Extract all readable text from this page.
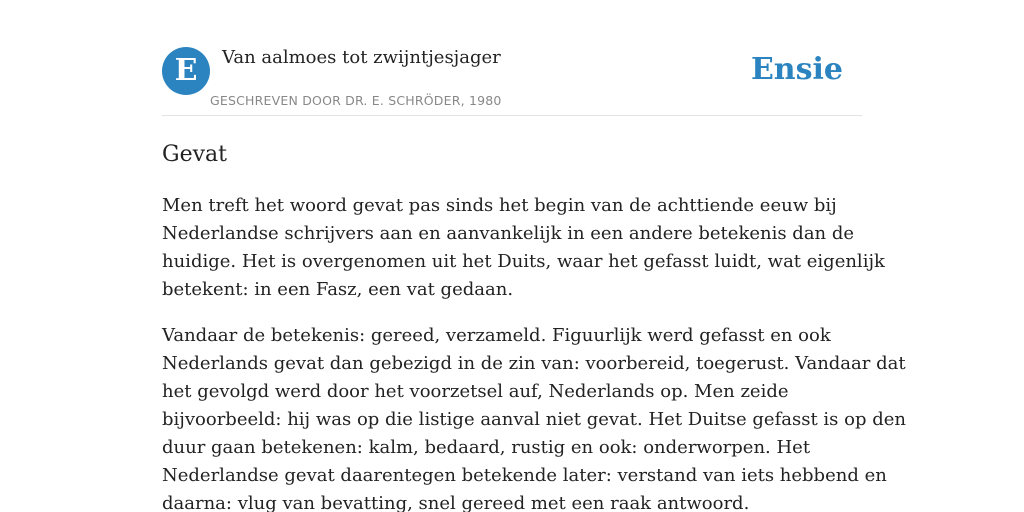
E	Van aalmoes tot zwijntjesjager
GESCHREVEN DOOR DR. E. SCHRÖDER, 1980
Ensie
Gevat

Men treft het woord gevat pas sinds het begin van de achttiende eeuw bij
Nederlandse schrijvers aan en aanvankelijk in een andere betekenis dan de
huidige. Het is overgenomen uit het Duits, waar het gefasst luidt, wat eigenlijk
betekent: in een Fasz, een vat gedaan.

Vandaar de betekenis: gereed, verzameld. Figuurlijk werd gefasst en ook
Nederlands gevat dan gebezigd in de zin van: voorbereid, toegerust. Vandaar dat
het gevolgd werd door het voorzetsel auf, Nederlands op. Men zeide
bijvoorbeeld: hij was op die listige aanval niet gevat. Het Duitse gefasst is op den
duur gaan betekenen: kalm, bedaard, rustig en ook: onderworpen. Het
Nederlandse gevat daarentegen betekende later: verstand van iets hebbend en
daarna: vlug van bevatting, snel gereed met een raak antwoord.
